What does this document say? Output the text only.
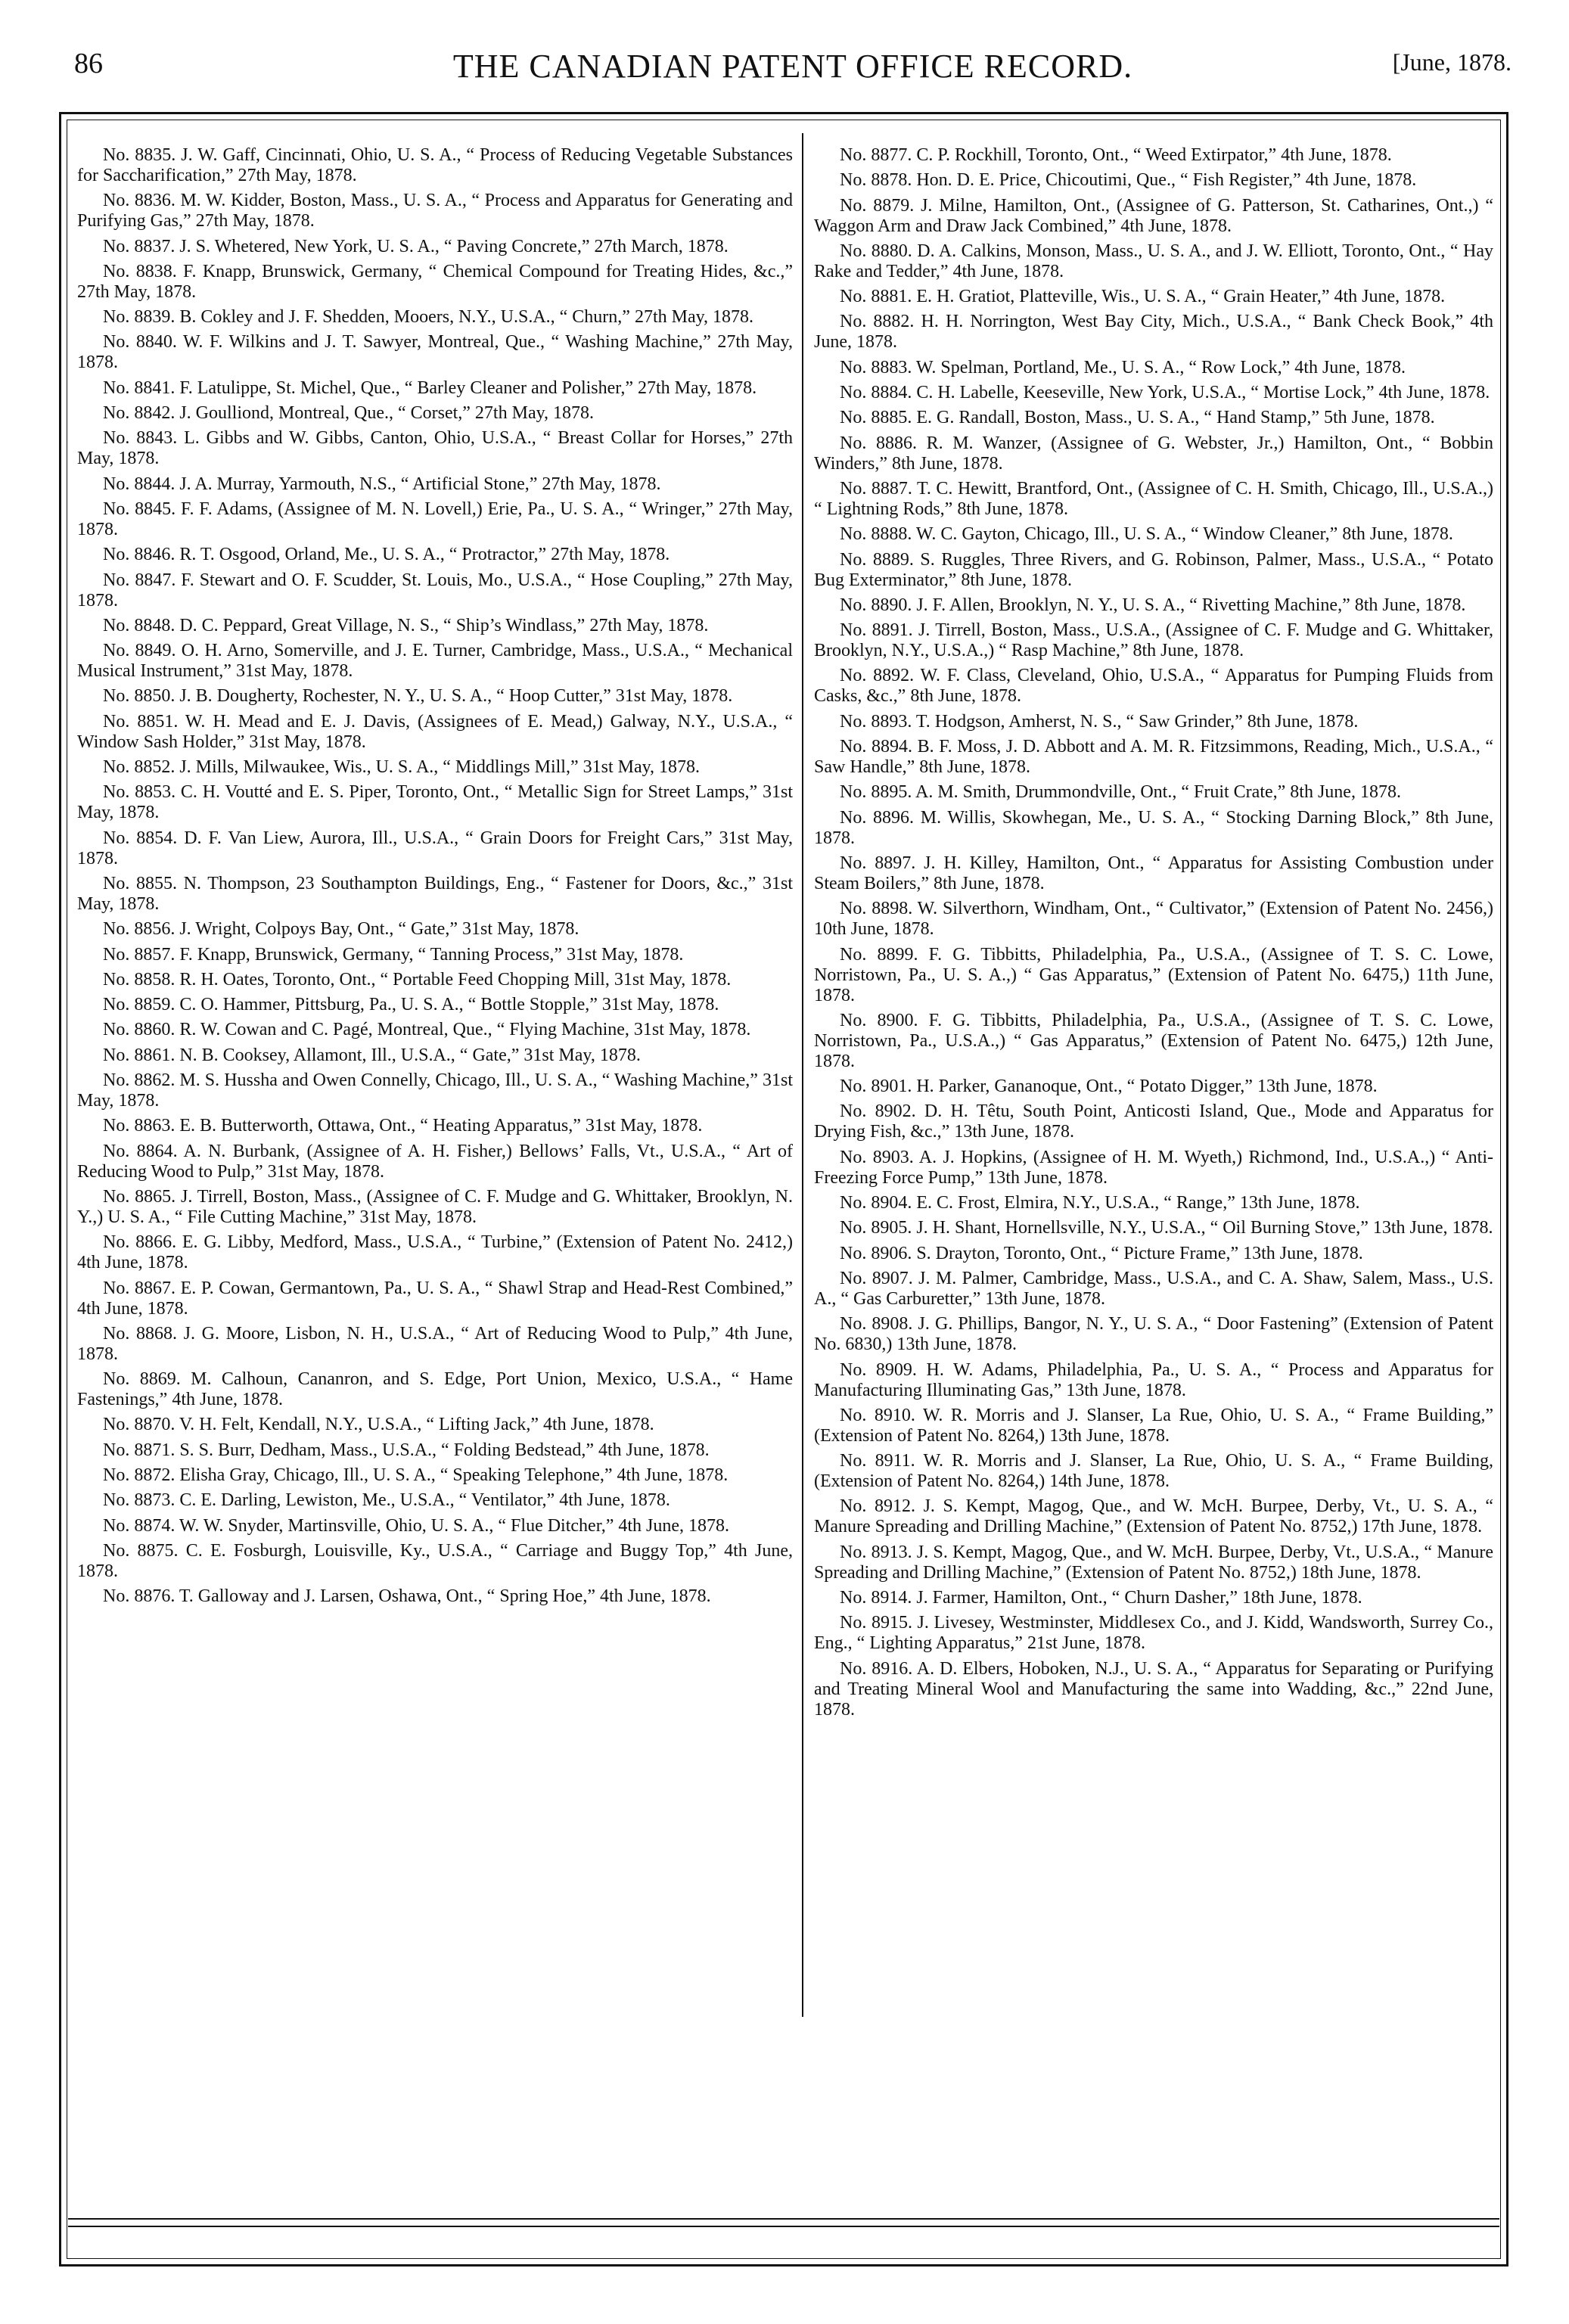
86	THE CANADIAN PATENT OFFICE RECORD.	[June, 1878.

No. 8835. J. W. Gaff, Cincinnati, Ohio, U. S. A., “ Process of Reducing Vegetable Substances for Saccharification,” 27th May, 1878.

No. 8836. M. W. Kidder, Boston, Mass., U. S. A., “ Process and Apparatus for Generating and Purifying Gas,” 27th May, 1878.

No. 8837. J. S. Whetered, New York, U. S. A., “ Paving Concrete,” 27th March, 1878.

No. 8838. F. Knapp, Brunswick, Germany, “ Chemical Compound for Treating Hides, &c.,” 27th May, 1878.

No. 8839. B. Cokley and J. F. Shedden, Mooers, N.Y., U.S.A., “ Churn,” 27th May, 1878.

No. 8840. W. F. Wilkins and J. T. Sawyer, Montreal, Que., “ Washing Machine,” 27th May, 1878.

No. 8841. F. Latulippe, St. Michel, Que., “ Barley Cleaner and Polisher,” 27th May, 1878.

No. 8842. J. Goulliond, Montreal, Que., “ Corset,” 27th May, 1878.

No. 8843. L. Gibbs and W. Gibbs, Canton, Ohio, U.S.A., “ Breast Collar for Horses,” 27th May, 1878.

No. 8844. J. A. Murray, Yarmouth, N.S., “ Artificial Stone,” 27th May, 1878.

No. 8845. F. F. Adams, (Assignee of M. N. Lovell,) Erie, Pa., U. S. A., “ Wringer,” 27th May, 1878.

No. 8846. R. T. Osgood, Orland, Me., U. S. A., “ Protractor,” 27th May, 1878.

No. 8847. F. Stewart and O. F. Scudder, St. Louis, Mo., U.S.A., “ Hose Coupling,” 27th May, 1878.

No. 8848. D. C. Peppard, Great Village, N. S., “ Ship’s Windlass,” 27th May, 1878.

No. 8849. O. H. Arno, Somerville, and J. E. Turner, Cambridge, Mass., U.S.A., “ Mechanical Musical Instrument,” 31st May, 1878.

No. 8850. J. B. Dougherty, Rochester, N. Y., U. S. A., “ Hoop Cutter,” 31st May, 1878.

No. 8851. W. H. Mead and E. J. Davis, (Assignees of E. Mead,) Galway, N.Y., U.S.A., “ Window Sash Holder,” 31st May, 1878.

No. 8852. J. Mills, Milwaukee, Wis., U. S. A., “ Middlings Mill,” 31st May, 1878.

No. 8853. C. H. Voutté and E. S. Piper, Toronto, Ont., “ Metallic Sign for Street Lamps,” 31st May, 1878.

No. 8854. D. F. Van Liew, Aurora, Ill., U.S.A., “ Grain Doors for Freight Cars,” 31st May, 1878.

No. 8855. N. Thompson, 23 Southampton Buildings, Eng., “ Fastener for Doors, &c.,” 31st May, 1878.

No. 8856. J. Wright, Colpoys Bay, Ont., “ Gate,” 31st May, 1878.

No. 8857. F. Knapp, Brunswick, Germany, “ Tanning Process,” 31st May, 1878.

No. 8858. R. H. Oates, Toronto, Ont., “ Portable Feed Chopping Mill, 31st May, 1878.

No. 8859. C. O. Hammer, Pittsburg, Pa., U. S. A., “ Bottle Stopple,” 31st May, 1878.

No. 8860. R. W. Cowan and C. Pagé, Montreal, Que., “ Flying Machine, 31st May, 1878.

No. 8861. N. B. Cooksey, Allamont, Ill., U.S.A., “ Gate,” 31st May, 1878.

No. 8862. M. S. Hussha and Owen Connelly, Chicago, Ill., U. S. A., “ Washing Machine,” 31st May, 1878.

No. 8863. E. B. Butterworth, Ottawa, Ont., “ Heating Apparatus,” 31st May, 1878.

No. 8864. A. N. Burbank, (Assignee of A. H. Fisher,) Bellows’ Falls, Vt., U.S.A., “ Art of Reducing Wood to Pulp,” 31st May, 1878.

No. 8865. J. Tirrell, Boston, Mass., (Assignee of C. F. Mudge and G. Whittaker, Brooklyn, N. Y.,) U. S. A., “ File Cutting Machine,” 31st May, 1878.

No. 8866. E. G. Libby, Medford, Mass., U.S.A., “ Turbine,” (Extension of Patent No. 2412,) 4th June, 1878.

No. 8867. E. P. Cowan, Germantown, Pa., U. S. A., “ Shawl Strap and Head-Rest Combined,” 4th June, 1878.

No. 8868. J. G. Moore, Lisbon, N. H., U.S.A., “ Art of Reducing Wood to Pulp,” 4th June, 1878.

No. 8869. M. Calhoun, Cananron, and S. Edge, Port Union, Mexico, U.S.A., “ Hame Fastenings,” 4th June, 1878.

No. 8870. V. H. Felt, Kendall, N.Y., U.S.A., “ Lifting Jack,” 4th June, 1878.

No. 8871. S. S. Burr, Dedham, Mass., U.S.A., “ Folding Bedstead,” 4th June, 1878.

No. 8872. Elisha Gray, Chicago, Ill., U. S. A., “ Speaking Telephone,” 4th June, 1878.

No. 8873. C. E. Darling, Lewiston, Me., U.S.A., “ Ventilator,” 4th June, 1878.

No. 8874. W. W. Snyder, Martinsville, Ohio, U. S. A., “ Flue Ditcher,” 4th June, 1878.

No. 8875. C. E. Fosburgh, Louisville, Ky., U.S.A., “ Carriage and Buggy Top,” 4th June, 1878.

No. 8876. T. Galloway and J. Larsen, Oshawa, Ont., “ Spring Hoe,” 4th June, 1878.

No. 8877. C. P. Rockhill, Toronto, Ont., “ Weed Extirpator,” 4th June, 1878.

No. 8878. Hon. D. E. Price, Chicoutimi, Que., “ Fish Register,” 4th June, 1878.

No. 8879. J. Milne, Hamilton, Ont., (Assignee of G. Patterson, St. Catharines, Ont.,) “ Waggon Arm and Draw Jack Combined,” 4th June, 1878.

No. 8880. D. A. Calkins, Monson, Mass., U. S. A., and J. W. Elliott, Toronto, Ont., “ Hay Rake and Tedder,” 4th June, 1878.

No. 8881. E. H. Gratiot, Platteville, Wis., U. S. A., “ Grain Heater,” 4th June, 1878.

No. 8882. H. H. Norrington, West Bay City, Mich., U.S.A., “ Bank Check Book,” 4th June, 1878.

No. 8883. W. Spelman, Portland, Me., U. S. A., “ Row Lock,” 4th June, 1878.

No. 8884. C. H. Labelle, Keeseville, New York, U.S.A., “ Mortise Lock,” 4th June, 1878.

No. 8885. E. G. Randall, Boston, Mass., U. S. A., “ Hand Stamp,” 5th June, 1878.

No. 8886. R. M. Wanzer, (Assignee of G. Webster, Jr.,) Hamilton, Ont., “ Bobbin Winders,” 8th June, 1878.

No. 8887. T. C. Hewitt, Brantford, Ont., (Assignee of C. H. Smith, Chicago, Ill., U.S.A.,) “ Lightning Rods,” 8th June, 1878.

No. 8888. W. C. Gayton, Chicago, Ill., U. S. A., “ Window Cleaner,” 8th June, 1878.

No. 8889. S. Ruggles, Three Rivers, and G. Robinson, Palmer, Mass., U.S.A., “ Potato Bug Exterminator,” 8th June, 1878.

No. 8890. J. F. Allen, Brooklyn, N. Y., U. S. A., “ Rivetting Machine,” 8th June, 1878.

No. 8891. J. Tirrell, Boston, Mass., U.S.A., (Assignee of C. F. Mudge and G. Whittaker, Brooklyn, N.Y., U.S.A.,) “ Rasp Machine,” 8th June, 1878.

No. 8892. W. F. Class, Cleveland, Ohio, U.S.A., “ Apparatus for Pumping Fluids from Casks, &c.,” 8th June, 1878.

No. 8893. T. Hodgson, Amherst, N. S., “ Saw Grinder,” 8th June, 1878.

No. 8894. B. F. Moss, J. D. Abbott and A. M. R. Fitzsimmons, Reading, Mich., U.S.A., “ Saw Handle,” 8th June, 1878.

No. 8895. A. M. Smith, Drummondville, Ont., “ Fruit Crate,” 8th June, 1878.

No. 8896. M. Willis, Skowhegan, Me., U. S. A., “ Stocking Darning Block,” 8th June, 1878.

No. 8897. J. H. Killey, Hamilton, Ont., “ Apparatus for Assisting Combustion under Steam Boilers,” 8th June, 1878.

No. 8898. W. Silverthorn, Windham, Ont., “ Cultivator,” (Extension of Patent No. 2456,) 10th June, 1878.

No. 8899. F. G. Tibbitts, Philadelphia, Pa., U.S.A., (Assignee of T. S. C. Lowe, Norristown, Pa., U. S. A.,) “ Gas Apparatus,” (Extension of Patent No. 6475,) 11th June, 1878.

No. 8900. F. G. Tibbitts, Philadelphia, Pa., U.S.A., (Assignee of T. S. C. Lowe, Norristown, Pa., U.S.A.,) “ Gas Apparatus,” (Extension of Patent No. 6475,) 12th June, 1878.

No. 8901. H. Parker, Gananoque, Ont., “ Potato Digger,” 13th June, 1878.

No. 8902. D. H. Têtu, South Point, Anticosti Island, Que., Mode and Apparatus for Drying Fish, &c.,” 13th June, 1878.

No. 8903. A. J. Hopkins, (Assignee of H. M. Wyeth,) Richmond, Ind., U.S.A.,) “ Anti-Freezing Force Pump,” 13th June, 1878.

No. 8904. E. C. Frost, Elmira, N.Y., U.S.A., “ Range,” 13th June, 1878.

No. 8905. J. H. Shant, Hornellsville, N.Y., U.S.A., “ Oil Burning Stove,” 13th June, 1878.

No. 8906. S. Drayton, Toronto, Ont., “ Picture Frame,” 13th June, 1878.

No. 8907. J. M. Palmer, Cambridge, Mass., U.S.A., and C. A. Shaw, Salem, Mass., U.S. A., “ Gas Carburetter,” 13th June, 1878.

No. 8908. J. G. Phillips, Bangor, N. Y., U. S. A., “ Door Fastening” (Extension of Patent No. 6830,) 13th June, 1878.

No. 8909. H. W. Adams, Philadelphia, Pa., U. S. A., “ Process and Apparatus for Manufacturing Illuminating Gas,” 13th June, 1878.

No. 8910. W. R. Morris and J. Slanser, La Rue, Ohio, U. S. A., “ Frame Building,” (Extension of Patent No. 8264,) 13th June, 1878.

No. 8911. W. R. Morris and J. Slanser, La Rue, Ohio, U. S. A., “ Frame Building, (Extension of Patent No. 8264,) 14th June, 1878.

No. 8912. J. S. Kempt, Magog, Que., and W. McH. Burpee, Derby, Vt., U. S. A., “ Manure Spreading and Drilling Machine,” (Extension of Patent No. 8752,) 17th June, 1878.

No. 8913. J. S. Kempt, Magog, Que., and W. McH. Burpee, Derby, Vt., U.S.A., “ Manure Spreading and Drilling Machine,” (Extension of Patent No. 8752,) 18th June, 1878.

No. 8914. J. Farmer, Hamilton, Ont., “ Churn Dasher,” 18th June, 1878.

No. 8915. J. Livesey, Westminster, Middlesex Co., and J. Kidd, Wandsworth, Surrey Co., Eng., “ Lighting Apparatus,” 21st June, 1878.

No. 8916. A. D. Elbers, Hoboken, N.J., U. S. A., “ Apparatus for Separating or Purifying and Treating Mineral Wool and Manufacturing the same into Wadding, &c.,” 22nd June, 1878.
